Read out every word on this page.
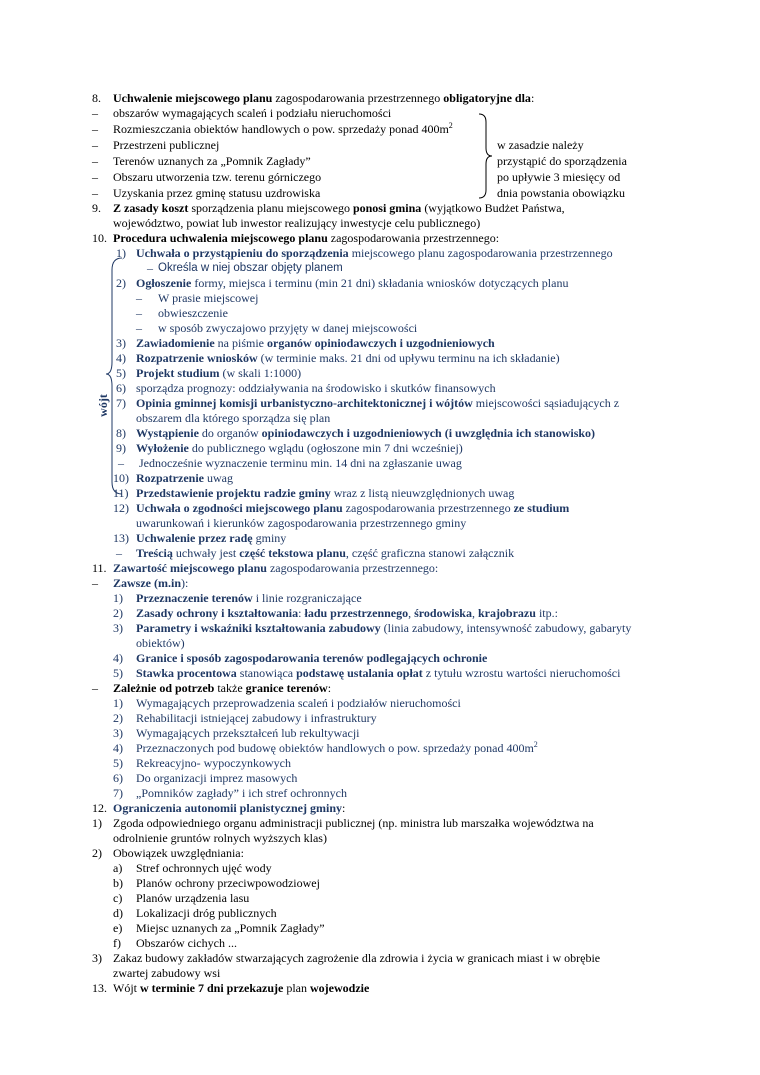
8. Uchwalenie miejscowego planu zagospodarowania przestrzennego obligatoryjne dla:
– obszarów wymagających scaleń i podziału nieruchomości
– Rozmieszczania obiektów handlowych o pow. sprzedaży ponad $400m^2$
– Przestrzeni publicznej
– Terenów uznanych za „Pomnik Zagłady”
– Obszaru utworzenia tzw. terenu górniczego
– Uzyskania przez gminę statusu uzdrowiska
w zasadzie należy
przystąpić do sporządzenia
po upływie 3 miesięcy od
dnia powstania obowiązku
9. Z zasady koszt sporządzenia planu miejscowego ponosi gmina (wyjątkowo Budżet Państwa,
województwo, powiat lub inwestor realizujący inwestycje celu publicznego)
10. Procedura uchwalenia miejscowego planu zagospodarowania przestrzennego:
wójt
1) Uchwała o przystąpieniu do sporządzenia miejscowego planu zagospodarowania przestrzennego
– Określa w niej obszar objęty planem
2) Ogłoszenie formy, miejsca i terminu (min 21 dni) składania wniosków dotyczących planu
– W prasie miejscowej
– obwieszczenie
– w sposób zwyczajowo przyjęty w danej miejscowości
3) Zawiadomienie na piśmie organów opiniodawczych i uzgodnieniowych
4) Rozpatrzenie wniosków (w terminie maks. 21 dni od upływu terminu na ich składanie)
5) Projekt studium (w skali 1:1000)
6) sporządza prognozy: oddziaływania na środowisko i skutków finansowych
7) Opinia gminnej komisji urbanistyczno-architektonicznej i wójtów miejscowości sąsiadujących z
obszarem dla którego sporządza się plan
8) Wystąpienie do organów opiniodawczych i uzgodnieniowych (i uwzględnia ich stanowisko)
9) Wyłożenie do publicznego wglądu (ogłoszone min 7 dni wcześniej)
– Jednocześnie wyznaczenie terminu min. 14 dni na zgłaszanie uwag
10) Rozpatrzenie uwag
11) Przedstawienie projektu radzie gminy wraz z listą nieuwzględnionych uwag
12) Uchwała o zgodności miejscowego planu zagospodarowania przestrzennego ze studium
uwarunkowań i kierunków zagospodarowania przestrzennego gminy
13) Uchwalenie przez radę gminy
– Treścią uchwały jest część tekstowa planu, część graficzna stanowi załącznik
11. Zawartość miejscowego planu zagospodarowania przestrzennego:
– Zawsze (m.in):
1) Przeznaczenie terenów i linie rozgraniczające
2) Zasady ochrony i kształtowania: ładu przestrzennego, środowiska, krajobrazu itp.:
3) Parametry i wskaźniki kształtowania zabudowy (linia zabudowy, intensywność zabudowy, gabaryty
obiektów)
4) Granice i sposób zagospodarowania terenów podlegających ochronie
5) Stawka procentowa stanowiąca podstawę ustalania opłat z tytułu wzrostu wartości nieruchomości
– Zależnie od potrzeb także granice terenów:
1) Wymagających przeprowadzenia scaleń i podziałów nieruchomości
2) Rehabilitacji istniejącej zabudowy i infrastruktury
3) Wymagających przekształceń lub rekultywacji
4) Przeznaczonych pod budowę obiektów handlowych o pow. sprzedaży ponad $400m^2$
5) Rekreacyjno- wypoczynkowych
6) Do organizacji imprez masowych
7) „Pomników zagłady” i ich stref ochronnych
12. Ograniczenia autonomii planistycznej gminy:
1) Zgoda odpowiedniego organu administracji publicznej (np. ministra lub marszałka województwa na
odrolnienie gruntów rolnych wyższych klas)
2) Obowiązek uwzględniania:
a) Stref ochronnych ujęć wody
b) Planów ochrony przeciwpowodziowej
c) Planów urządzenia lasu
d) Lokalizacji dróg publicznych
e) Miejsc uznanych za „Pomnik Zagłady”
f) Obszarów cichych ...
3) Zakaz budowy zakładów stwarzających zagrożenie dla zdrowia i życia w granicach miast i w obrębie
zwartej zabudowy wsi
13. Wójt w terminie 7 dni przekazuje plan wojewodzie
